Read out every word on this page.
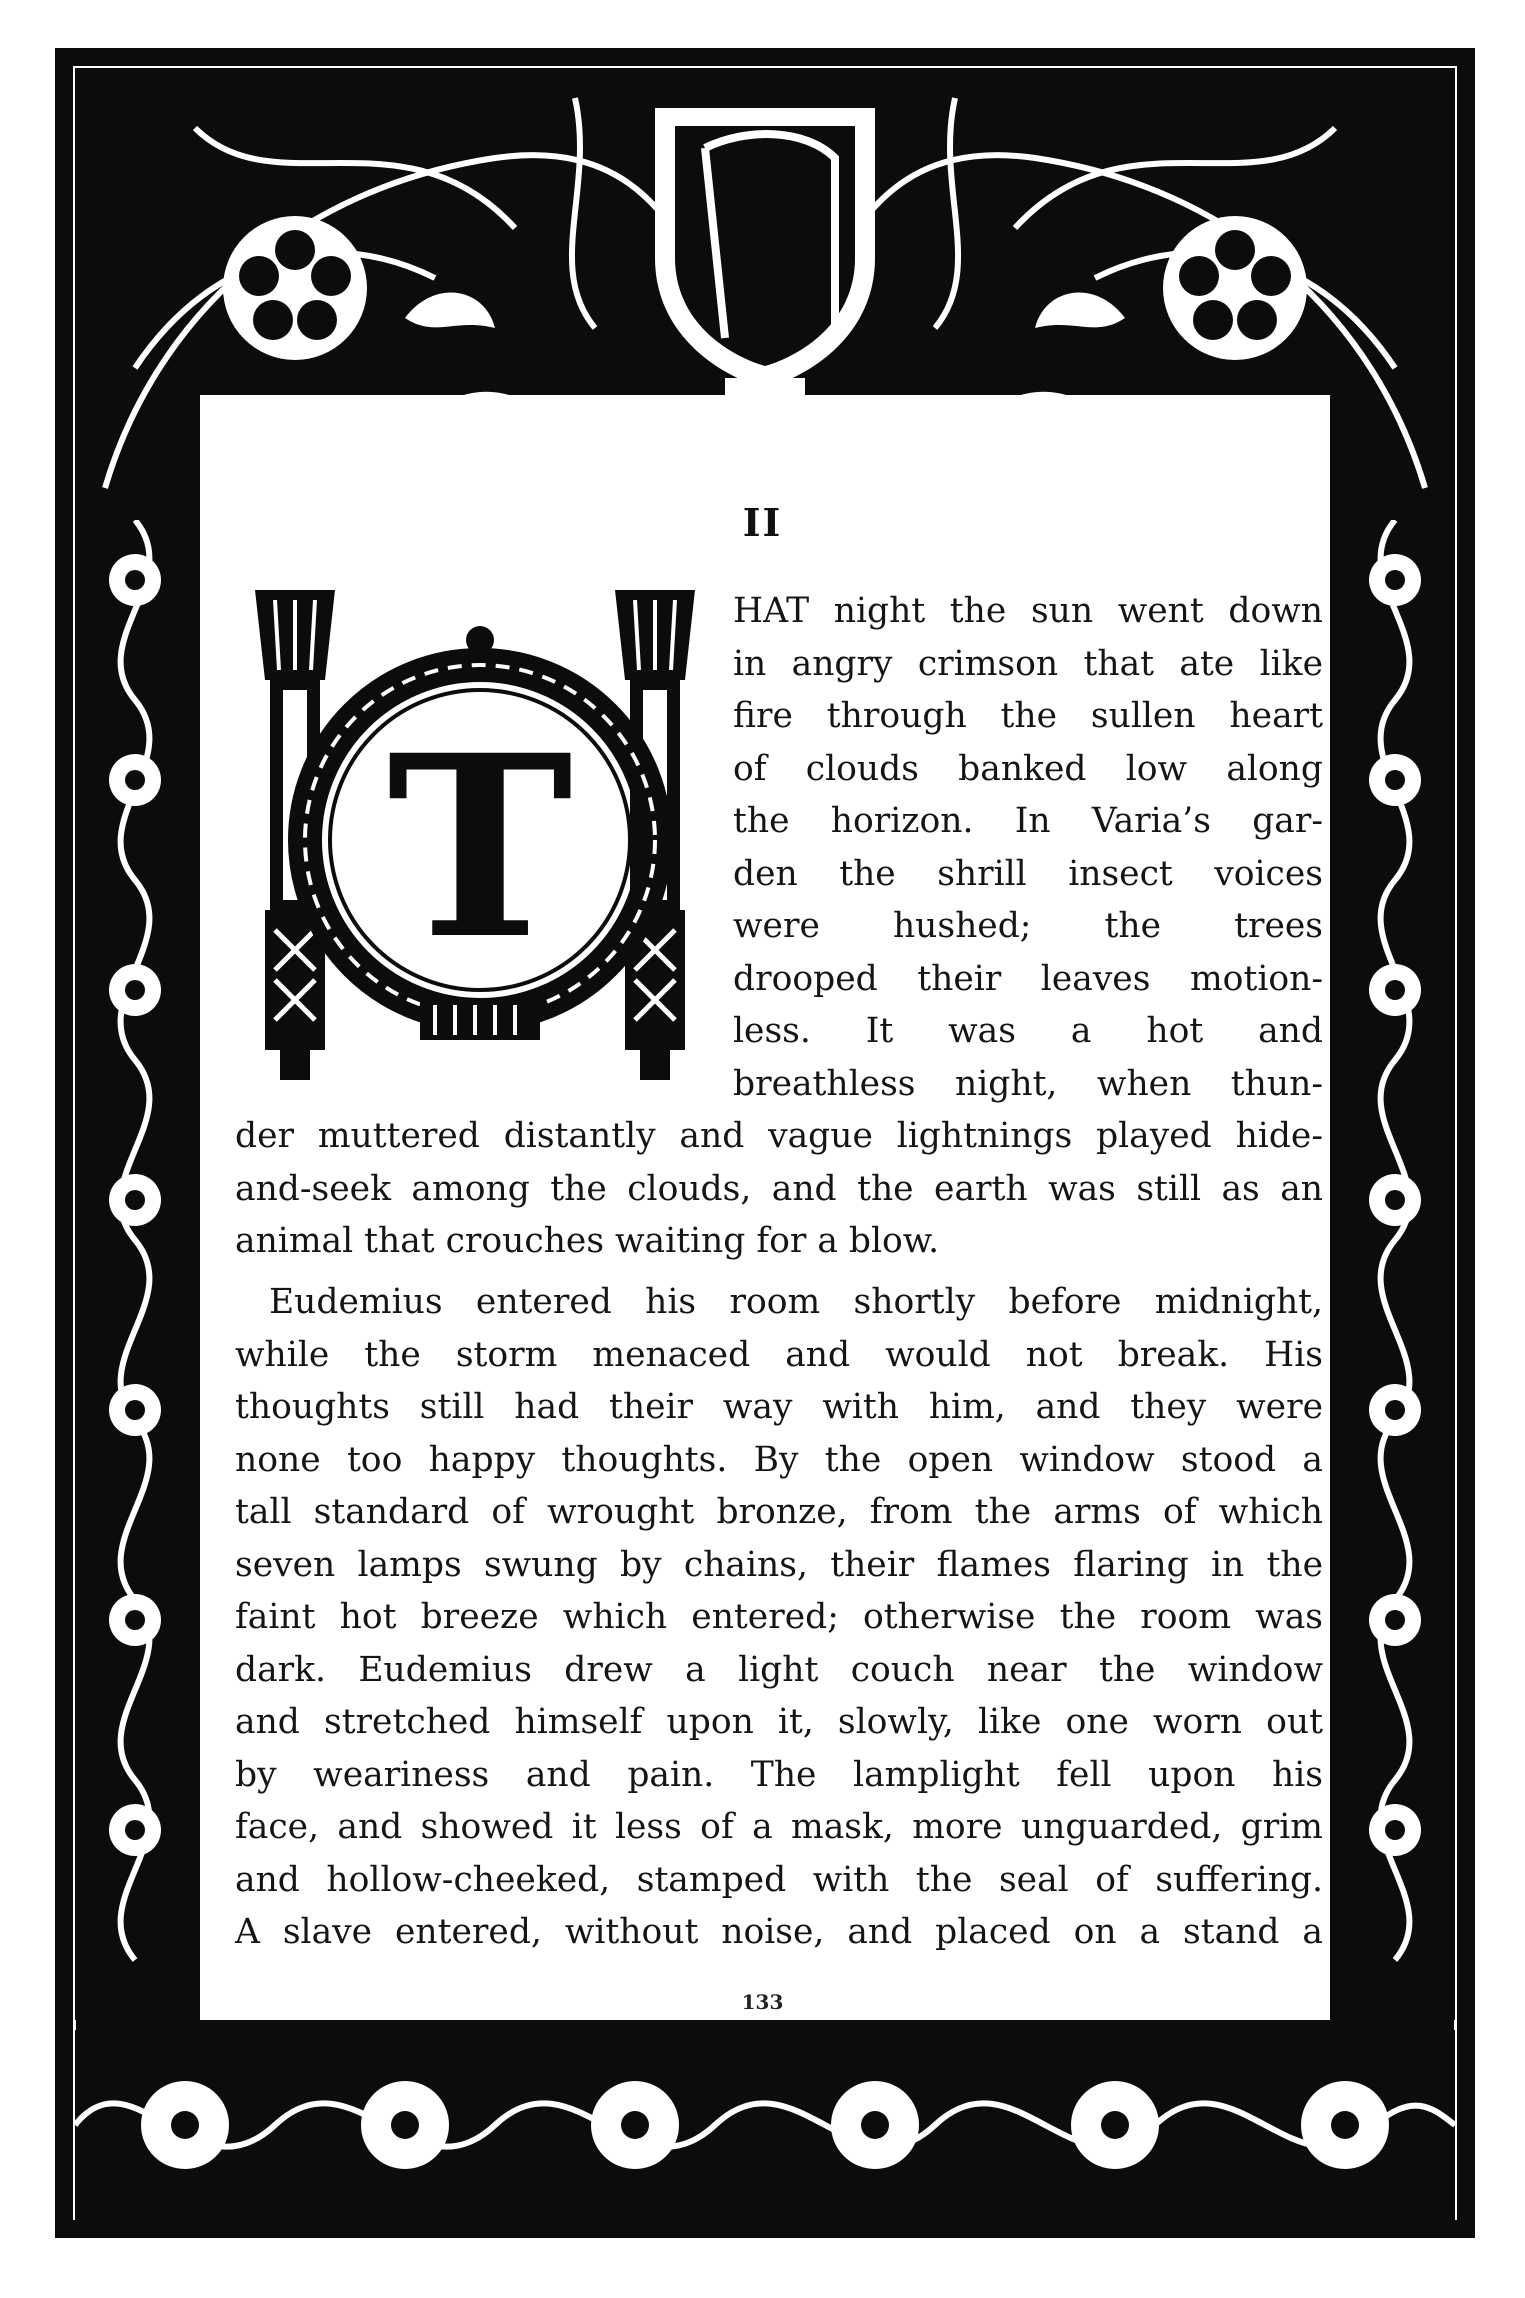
II
T
HAT night the sun went down
in angry crimson that ate like
fire through the sullen heart
of clouds banked low along
the horizon. In Varia’s gar-
den the shrill insect voices
were hushed; the trees
drooped their leaves motion-
less. It was a hot and
breathless night, when thun-
der muttered distantly and vague lightnings played hide-
and-seek among the clouds, and the earth was still as an
animal that crouches waiting for a blow.
Eudemius entered his room shortly before midnight,
while the storm menaced and would not break. His
thoughts still had their way with him, and they were
none too happy thoughts. By the open window stood a
tall standard of wrought bronze, from the arms of which
seven lamps swung by chains, their flames flaring in the
faint hot breeze which entered; otherwise the room was
dark. Eudemius drew a light couch near the window
and stretched himself upon it, slowly, like one worn out
by weariness and pain. The lamplight fell upon his
face, and showed it less of a mask, more unguarded, grim
and hollow-cheeked, stamped with the seal of suffering.
A slave entered, without noise, and placed on a stand a
133
